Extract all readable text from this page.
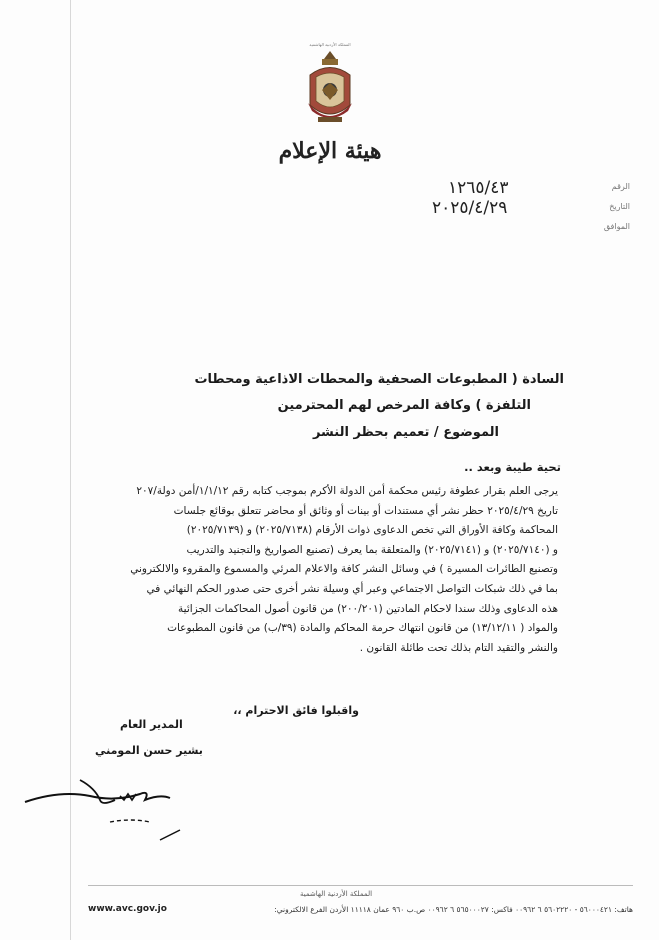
المملكة الأردنية الهاشمية
هيئة الإعلام
الرقم
التاريخ
الموافق
١٢٦٥/٤٣
٢٠٢٥/٤/٢٩
السادة ( المطبوعات الصحفية والمحطات الاذاعية ومحطات
التلفزة ) وكافة المرخص لهم المحترمين
الموضوع / تعميم بحظر النشر
تحية طيبة وبعد ..

يرجى العلم بقرار عطوفة رئيس محكمة أمن الدولة الأكرم بموجب كتابه رقم ١/١/١٢/أمن دولة/٢٠٧

تاريخ ٢٠٢٥/٤/٢٩ حظر نشر أي مستندات أو بينات أو وثائق أو محاضر تتعلق بوقائع جلسات

المحاكمة وكافة الأوراق التي تخص الدعاوى ذوات الأرقام (٢٠٢٥/٧١٣٨) و (٢٠٢٥/٧١٣٩)

و (٢٠٢٥/٧١٤٠) و (٢٠٢٥/٧١٤١) والمتعلقة بما يعرف (تصنيع الصواريخ والتجنيد والتدريب

وتصنيع الطائرات المسيرة ) في وسائل النشر كافة والاعلام المرئي والمسموع والمقروء والالكتروني

بما في ذلك شبكات التواصل الاجتماعي وعبر أي وسيلة نشر أخرى حتى صدور الحكم النهائي في

هذه الدعاوى وذلك سندا لاحكام المادتين (٢٠٠/٢٠١) من قانون أصول المحاكمات الجزائية

والمواد ( ١٣/١٢/١١) من قانون انتهاك حرمة المحاكم والمادة (٣٩/ب) من قانون المطبوعات

والنشر والتقيد التام بذلك تحت طائلة القانون .

واقبلوا فائق الاحترام ،،
المدير العام
بشير حسن المومني
المملكة الأردنية الهاشمية
هاتف: ٥٦٠٠٠٤٢١ - ٥٦٠٢٢٢٠ ٦ ٠٠٩٦٢ فاكس: ٥٦٥٠٠٠٢٧ ٦ ٠٠٩٦٢ ص.ب ٩٦٠ عمان ١١١١٨ الأردن الفرع الالكتروني:
www.avc.gov.jo
